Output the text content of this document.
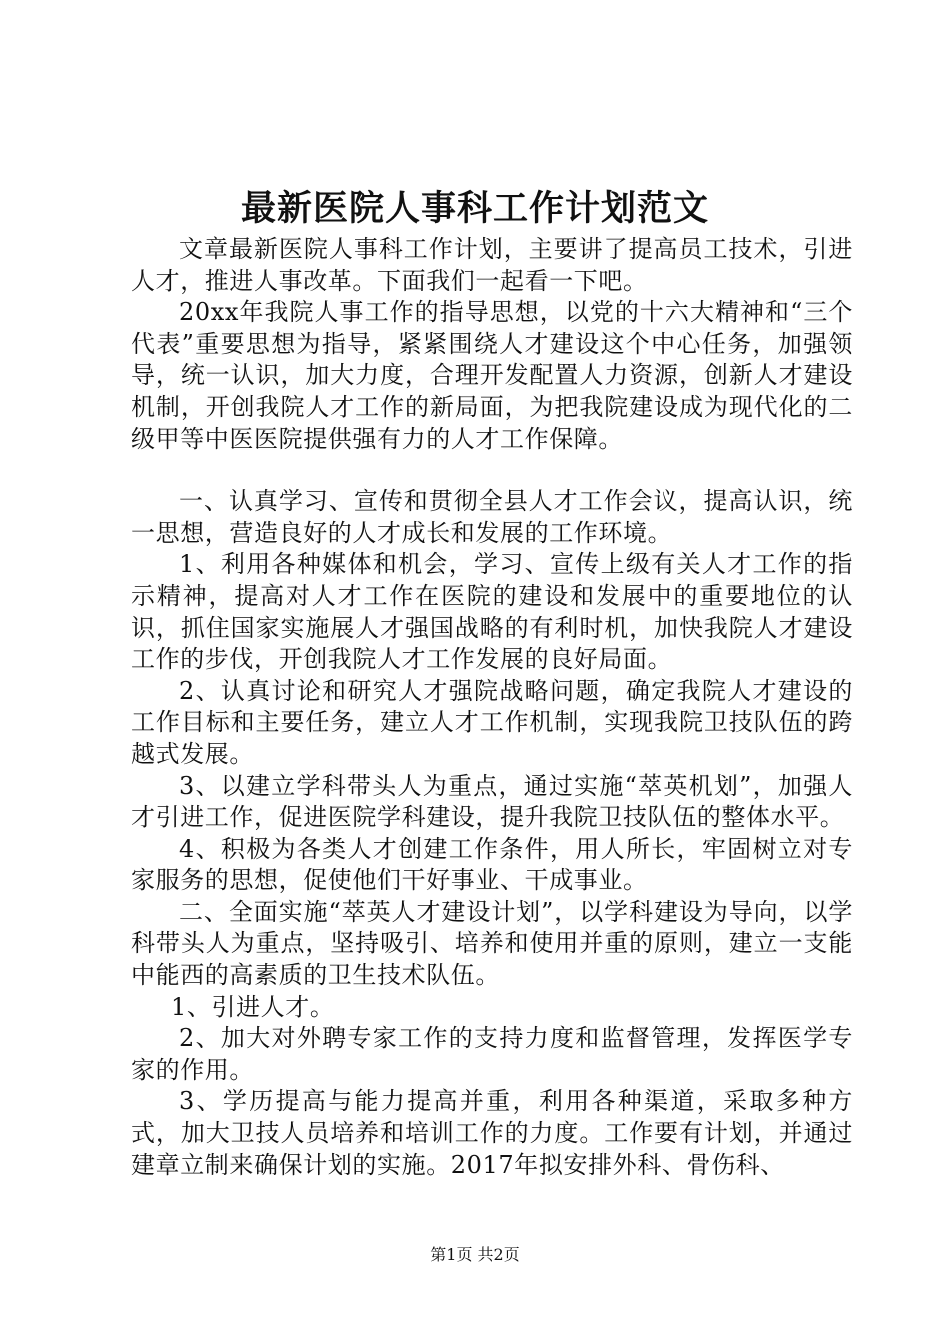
最新医院人事科工作计划范文

文章最新医院人事科工作计划，主要讲了提高员工技术，引进人才，推进人事改革。下面我们一起看一下吧。

20xx年我院人事工作的指导思想，以党的十六大精神和“三个代表”重要思想为指导，紧紧围绕人才建设这个中心任务，加强领导，统一认识，加大力度，合理开发配置人力资源，创新人才建设机制，开创我院人才工作的新局面，为把我院建设成为现代化的二级甲等中医医院提供强有力的人才工作保障。

一、认真学习、宣传和贯彻全县人才工作会议，提高认识，统一思想，营造良好的人才成长和发展的工作环境。

1、利用各种媒体和机会，学习、宣传上级有关人才工作的指示精神，提高对人才工作在医院的建设和发展中的重要地位的认识，抓住国家实施展人才强国战略的有利时机，加快我院人才建设工作的步伐，开创我院人才工作发展的良好局面。

2、认真讨论和研究人才强院战略问题，确定我院人才建设的工作目标和主要任务，建立人才工作机制，实现我院卫技队伍的跨越式发展。

3、以建立学科带头人为重点，通过实施“萃英机划”，加强人才引进工作，促进医院学科建设，提升我院卫技队伍的整体水平。

4、积极为各类人才创建工作条件，用人所长，牢固树立对专家服务的思想，促使他们干好事业、干成事业。

二、全面实施“萃英人才建设计划”，以学科建设为导向，以学科带头人为重点，坚持吸引、培养和使用并重的原则，建立一支能中能西的高素质的卫生技术队伍。

1、引进人才。

2、加大对外聘专家工作的支持力度和监督管理，发挥医学专家的作用。

3、学历提高与能力提高并重，利用各种渠道，采取多种方式，加大卫技人员培养和培训工作的力度。工作要有计划，并通过建章立制来确保计划的实施。2017年拟安排外科、骨伤科、

第1页 共2页
